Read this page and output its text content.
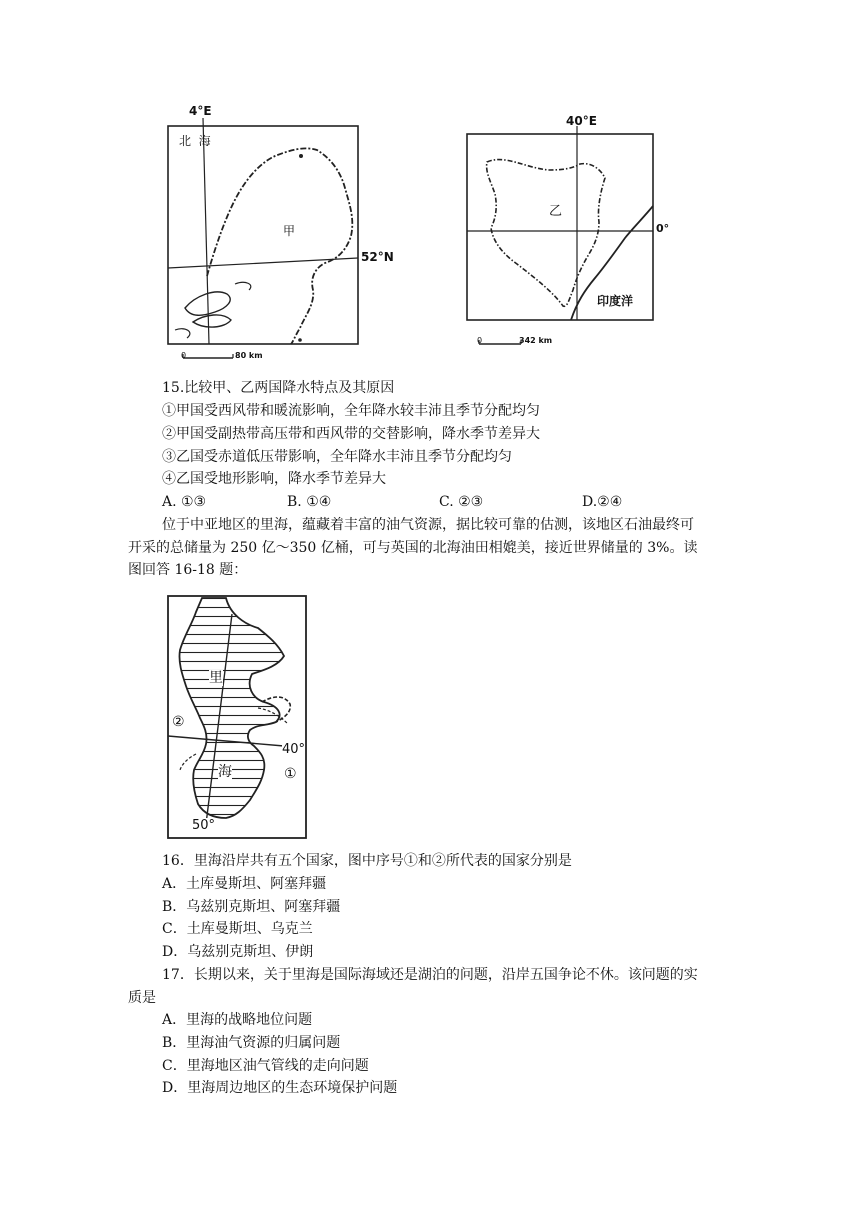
4°E
北  海
甲
52°N
0	80 km
40°E
乙
0°
印度洋
0	342 km
15.比较甲、乙两国降水特点及其原因
①甲国受西风带和暖流影响，全年降水较丰沛且季节分配均匀
②甲国受副热带高压带和西风带的交替影响，降水季节差异大
③乙国受赤道低压带影响，全年降水丰沛且季节分配均匀
④乙国受地形影响，降水季节差异大
A. ①③	B. ①④	C. ②③	D.②④
位于中亚地区的里海，蕴藏着丰富的油气资源，据比较可靠的估测，该地区石油最终可
开采的总储量为 250 亿～350 亿桶，可与英国的北海油田相媲美，接近世界储量的 3%。读
图回答 16-18 题：
里
海
②
①
40°
50°
16．里海沿岸共有五个国家，图中序号①和②所代表的国家分别是
A．土库曼斯坦、阿塞拜疆
B．乌兹别克斯坦、阿塞拜疆
C．土库曼斯坦、乌克兰
D．乌兹别克斯坦、伊朗
17．长期以来，关于里海是国际海域还是湖泊的问题，沿岸五国争论不休。该问题的实
质是
A．里海的战略地位问题
B．里海油气资源的归属问题
C．里海地区油气管线的走向问题
D．里海周边地区的生态环境保护问题
